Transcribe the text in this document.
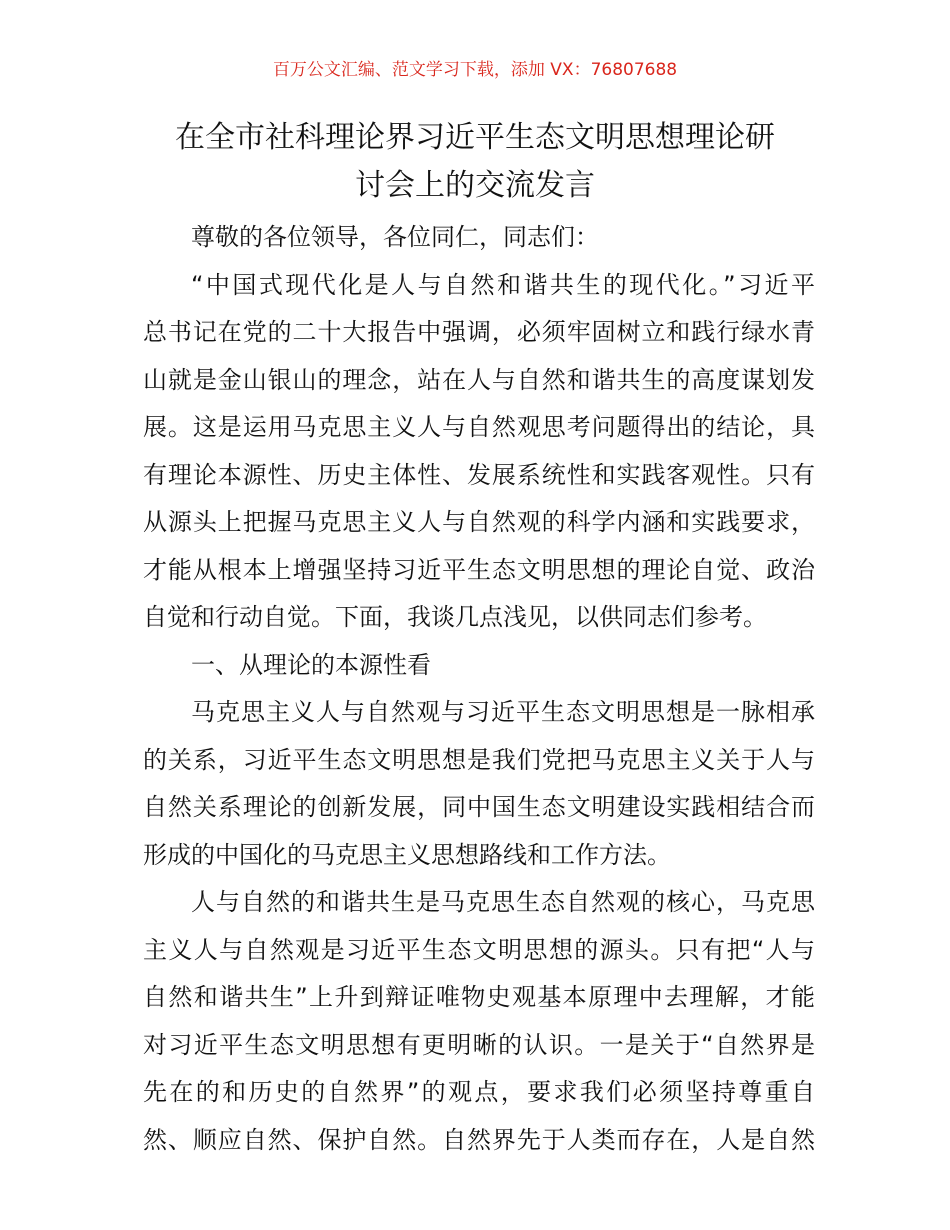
百万公文汇编、范文学习下载，添加 VX：76807688
在全市社科理论界习近平生态文明思想理论研
讨会上的交流发言

尊敬的各位领导，各位同仁，同志们：

“中国式现代化是人与自然和谐共生的现代化。”习近平
总书记在党的二十大报告中强调，必须牢固树立和践行绿水青
山就是金山银山的理念，站在人与自然和谐共生的高度谋划发
展。这是运用马克思主义人与自然观思考问题得出的结论，具
有理论本源性、历史主体性、发展系统性和实践客观性。只有
从源头上把握马克思主义人与自然观的科学内涵和实践要求，
才能从根本上增强坚持习近平生态文明思想的理论自觉、政治
自觉和行动自觉。下面，我谈几点浅见，以供同志们参考。

一、从理论的本源性看

马克思主义人与自然观与习近平生态文明思想是一脉相承
的关系，习近平生态文明思想是我们党把马克思主义关于人与
自然关系理论的创新发展，同中国生态文明建设实践相结合而
形成的中国化的马克思主义思想路线和工作方法。

人与自然的和谐共生是马克思生态自然观的核心，马克思
主义人与自然观是习近平生态文明思想的源头。只有把“人与
自然和谐共生”上升到辩证唯物史观基本原理中去理解，才能
对习近平生态文明思想有更明晰的认识。一是关于“自然界是
先在的和历史的自然界”的观点，要求我们必须坚持尊重自
然、顺应自然、保护自然。自然界先于人类而存在，人是自然
